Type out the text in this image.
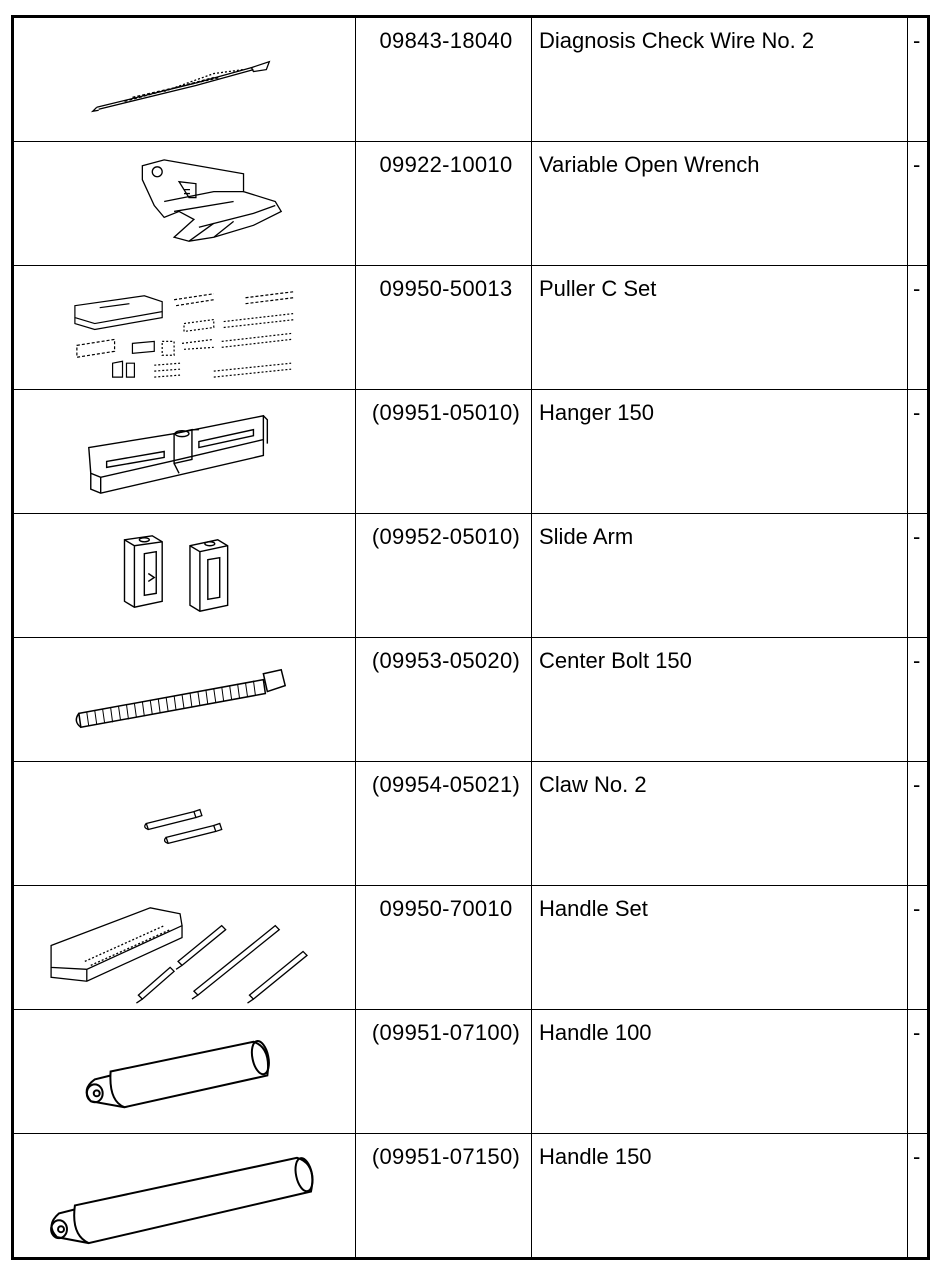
09843-18040	Diagnosis Check Wire No. 2	-
09922-10010	Variable Open Wrench	-
09950-50013	Puller C Set	-
(09951-05010) Hanger 150	-
(09952-05010) Slide Arm	-
(09953-05020) Center Bolt 150	-
(09954-05021) Claw No. 2	-
09950-70010	Handle Set	-
(09951-07100) Handle 100	-
(09951-07150) Handle 150	-
